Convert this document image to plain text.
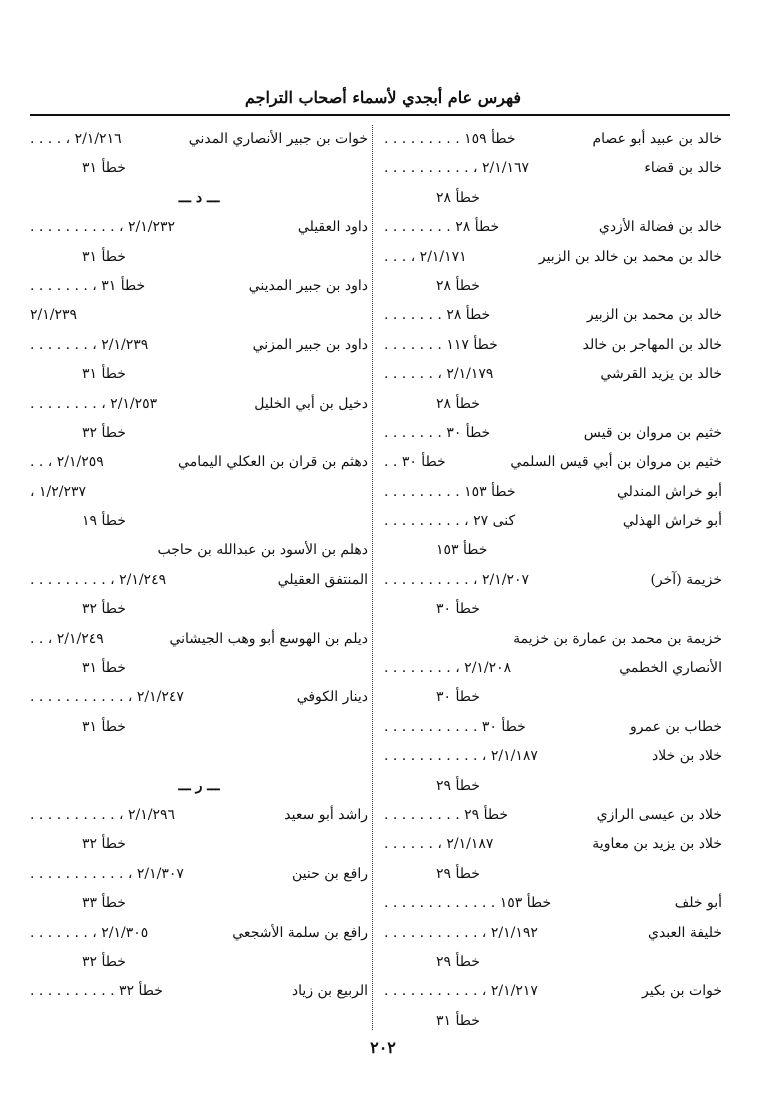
فهرس عام أبجدي لأسماء أصحاب التراجم
خالد بن عبيد أبو عصام
خطأ ١٥٩ . . . . . . . . .
خالد بن قضاء
٢/١/١٦٧ ، . . . . . . . . . .
خطأ ٢٨
خالد بن فضالة الأزدي
خطأ ٢٨ . . . . . . . .
خالد بن محمد بن خالد بن الزبير
٢/١/١٧١ ، . . .
خطأ ٢٨
خالد بن محمد بن الزبير
خطأ ٢٨ . . . . . . .
خالد بن المهاجر بن خالد
خطأ ١١٧ . . . . . . .
خالد بن يزيد القرشي
٢/١/١٧٩ ، . . . . . .
خطأ ٢٨
خثيم بن مروان بن قيس
خطأ ٣٠ . . . . . . .
خثيم بن مروان بن أبي قيس السلمي
خطأ ٣٠ . .
أبو خراش المندلي
خطأ ١٥٣ . . . . . . . . .
أبو خراش الهذلي
كنى ٢٧ ، . . . . . . . . .
خطأ ١٥٣
خزيمة (آخر)
٢/١/٢٠٧ ، . . . . . . . . . .
خطأ ٣٠
خزيمة بن محمد بن عمارة بن خزيمة
الأنصاري الخطمي
٢/١/٢٠٨ ، . . . . . . . .
خطأ ٣٠
خطاب بن عمرو
خطأ ٣٠ . . . . . . . . . . .
خلاد بن خلاد
٢/١/١٨٧ ، . . . . . . . . . . .
خطأ ٢٩
خلاد بن عيسى الرازي
خطأ ٢٩ . . . . . . . . .
خلاد بن يزيد بن معاوية
٢/١/١٨٧ ، . . . . . .
خطأ ٢٩
أبو خلف
خطأ ١٥٣ . . . . . . . . . . . . .
خليفة العبدي
٢/١/١٩٢ ، . . . . . . . . . . .
خطأ ٢٩
خوات بن بكير
٢/١/٢١٧ ، . . . . . . . . . . .
خطأ ٣١
خوات بن جبير الأنصاري المدني
٢/١/٢١٦ ، . . . .
خطأ ٣١
ـــ د ـــ
داود العقيلي
٢/١/٢٣٢ ، . . . . . . . . . .
خطأ ٣١
داود بن جبير المديني
خطأ ٣١ ، . . . . . . .
٢/١/٢٣٩
داود بن جبير المزني
٢/١/٢٣٩ ، . . . . . . .
خطأ ٣١
دخيل بن أبي الخليل
٢/١/٢٥٣ ، . . . . . . . .
خطأ ٣٢
دهثم بن قران بن العكلي اليمامي
٢/١/٢٥٩ ، . .
١/٢/٢٣٧ ،
خطأ ١٩
دهلم بن الأسود بن عبدالله بن حاجب
المنتفق العقيلي
٢/١/٢٤٩ ، . . . . . . . . .
خطأ ٣٢
ديلم بن الهوسع أبو وهب الجيشاني
٢/١/٢٤٩ ، . .
خطأ ٣١
دينار الكوفي
٢/١/٢٤٧ ، . . . . . . . . . . .
خطأ ٣١
ـــ ر ـــ
راشد أبو سعيد
٢/١/٢٩٦ ، . . . . . . . . . .
خطأ ٣٢
رافع بن حنين
٢/١/٣٠٧ ، . . . . . . . . . . .
خطأ ٣٣
رافع بن سلمة الأشجعي
٢/١/٣٠٥ ، . . . . . . .
خطأ ٣٢
الربيع بن زياد
خطأ ٣٢ . . . . . . . . . .
٢٠٢
